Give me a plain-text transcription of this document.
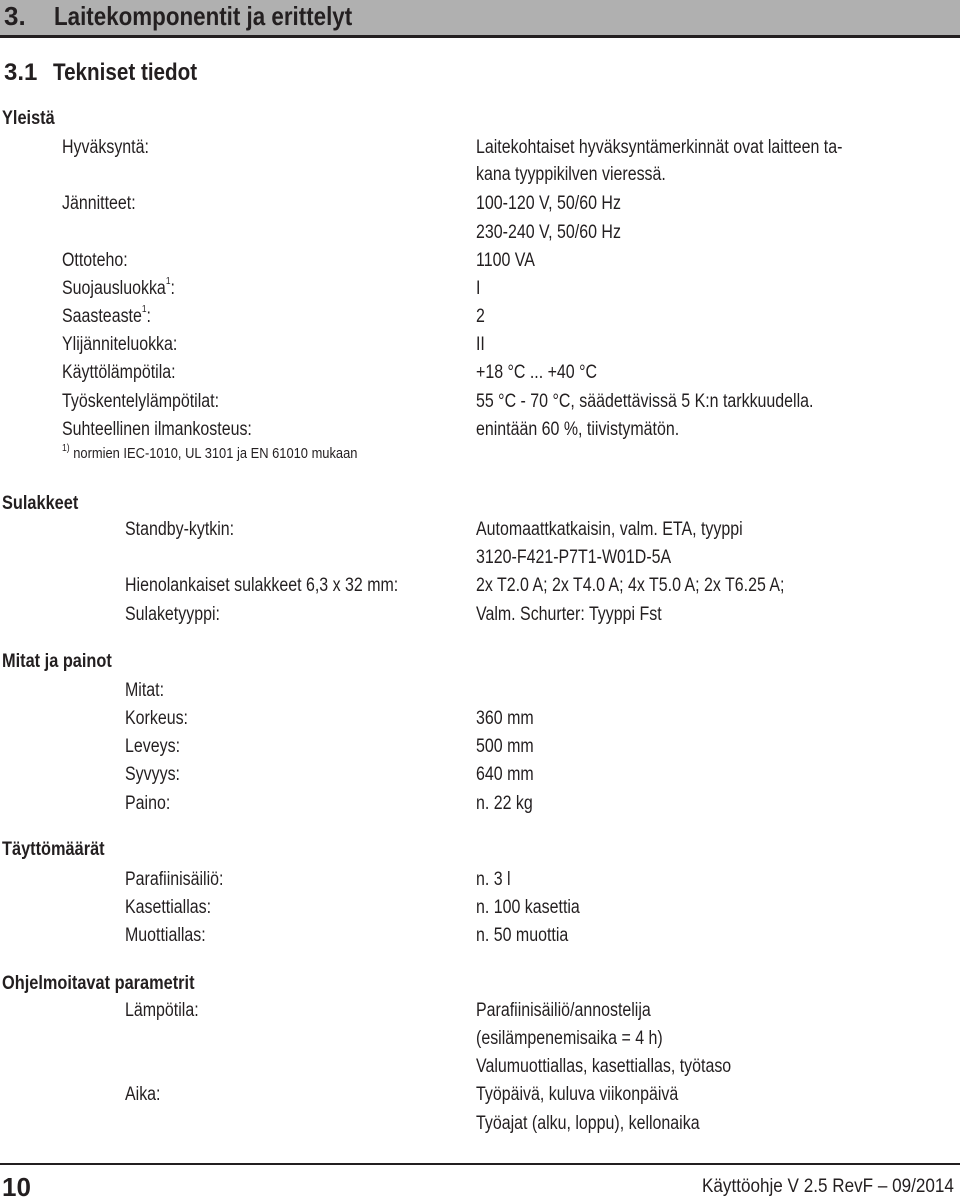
3. Laitekomponentit ja erittelyt
3.1 Tekniset tiedot
Yleistä
Hyväksyntä:	Laitekohtaiset hyväksyntämerkinnät ovat laitteen ta-
kana tyyppikilven vieressä.
Jännitteet:	100-120 V, 50/60 Hz
230-240 V, 50/60 Hz
Ottoteho:	1100 VA
Suojausluokka$^1$:	I
Saasteaste$^1$:	2
Ylijänniteluokka:	II
Käyttölämpötila:	+18 °C ... +40 °C
Työskentelylämpötilat:	55 °C - 70 °C, säädettävissä 5 K:n tarkkuudella.
Suhteellinen ilmankosteus:	enintään 60 %, tiivistymätön.
$^{1)}$ normien IEC-1010, UL 3101 ja EN 61010 mukaan
Sulakkeet
Standby-kytkin:	Automaattkatkaisin, valm. ETA, tyyppi
3120-F421-P7T1-W01D-5A
Hienolankaiset sulakkeet 6,3 x 32 mm:	2x T2.0 A; 2x T4.0 A; 4x T5.0 A; 2x T6.25 A;
Sulaketyyppi:	Valm. Schurter: Tyyppi Fst
Mitat ja painot
Mitat:
Korkeus:	360 mm
Leveys:	500 mm
Syvyys:	640 mm
Paino:	n. 22 kg
Täyttömäärät
Parafiinisäiliö:	n. 3 l
Kasettiallas:	n. 100 kasettia
Muottiallas:	n. 50 muottia
Ohjelmoitavat parametrit
Lämpötila:	Parafiinisäiliö/annostelija
(esilämpenemisaika = 4 h)
Valumuottiallas, kasettiallas, työtaso
Aika:	Työpäivä, kuluva viikonpäivä
Työajat (alku, loppu), kellonaika
10	Käyttöohje V 2.5 RevF – 09/2014
